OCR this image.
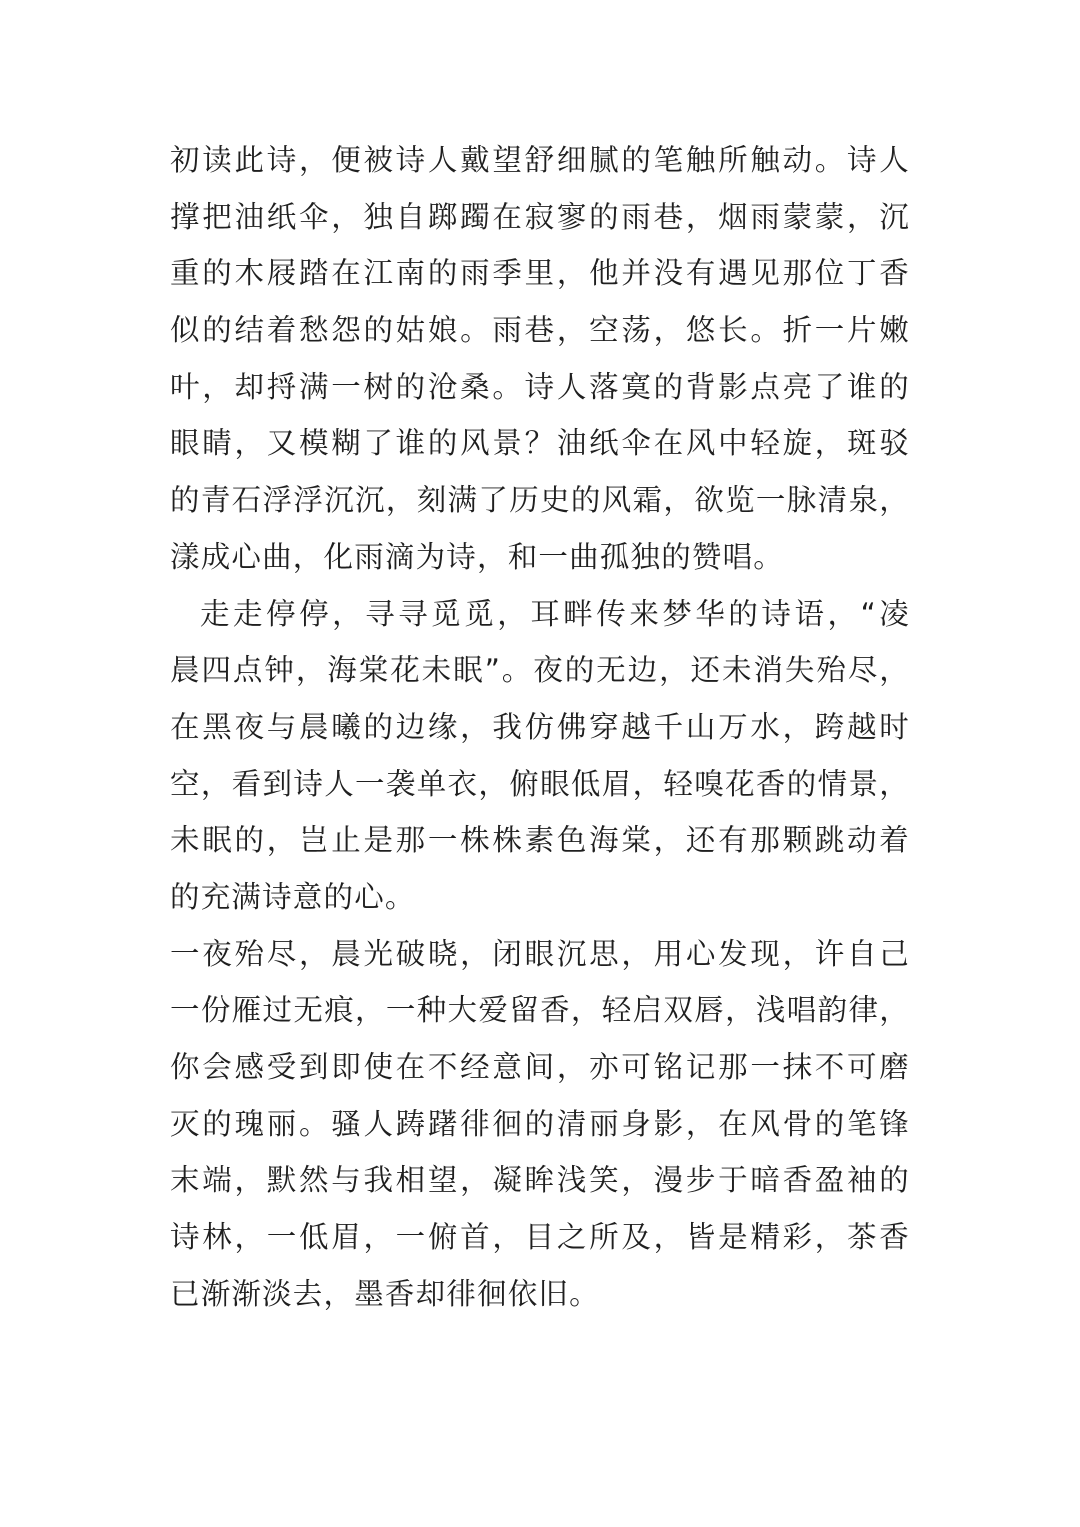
初读此诗，便被诗人戴望舒细腻的笔触所触动。诗人
撑把油纸伞，独自踯躅在寂寥的雨巷，烟雨蒙蒙，沉
重的木屐踏在江南的雨季里，他并没有遇见那位丁香
似的结着愁怨的姑娘。雨巷，空荡，悠长。折一片嫩
叶，却捋满一树的沧桑。诗人落寞的背影点亮了谁的
眼睛，又模糊了谁的风景？油纸伞在风中轻旋，斑驳
的青石浮浮沉沉，刻满了历史的风霜，欲览一脉清泉，
漾成心曲，化雨滴为诗，和一曲孤独的赞唱。
走走停停，寻寻觅觅，耳畔传来梦华的诗语，“凌
晨四点钟，海棠花未眠”。夜的无边，还未消失殆尽，
在黑夜与晨曦的边缘，我仿佛穿越千山万水，跨越时
空，看到诗人一袭单衣，俯眼低眉，轻嗅花香的情景，
未眠的，岂止是那一株株素色海棠，还有那颗跳动着
的充满诗意的心。
一夜殆尽，晨光破晓，闭眼沉思，用心发现，许自己
一份雁过无痕，一种大爱留香，轻启双唇，浅唱韵律，
你会感受到即使在不经意间，亦可铭记那一抹不可磨
灭的瑰丽。骚人踌躇徘徊的清丽身影，在风骨的笔锋
末端，默然与我相望，凝眸浅笑，漫步于暗香盈袖的
诗林，一低眉，一俯首，目之所及，皆是精彩，茶香
已渐渐淡去，墨香却徘徊依旧。
